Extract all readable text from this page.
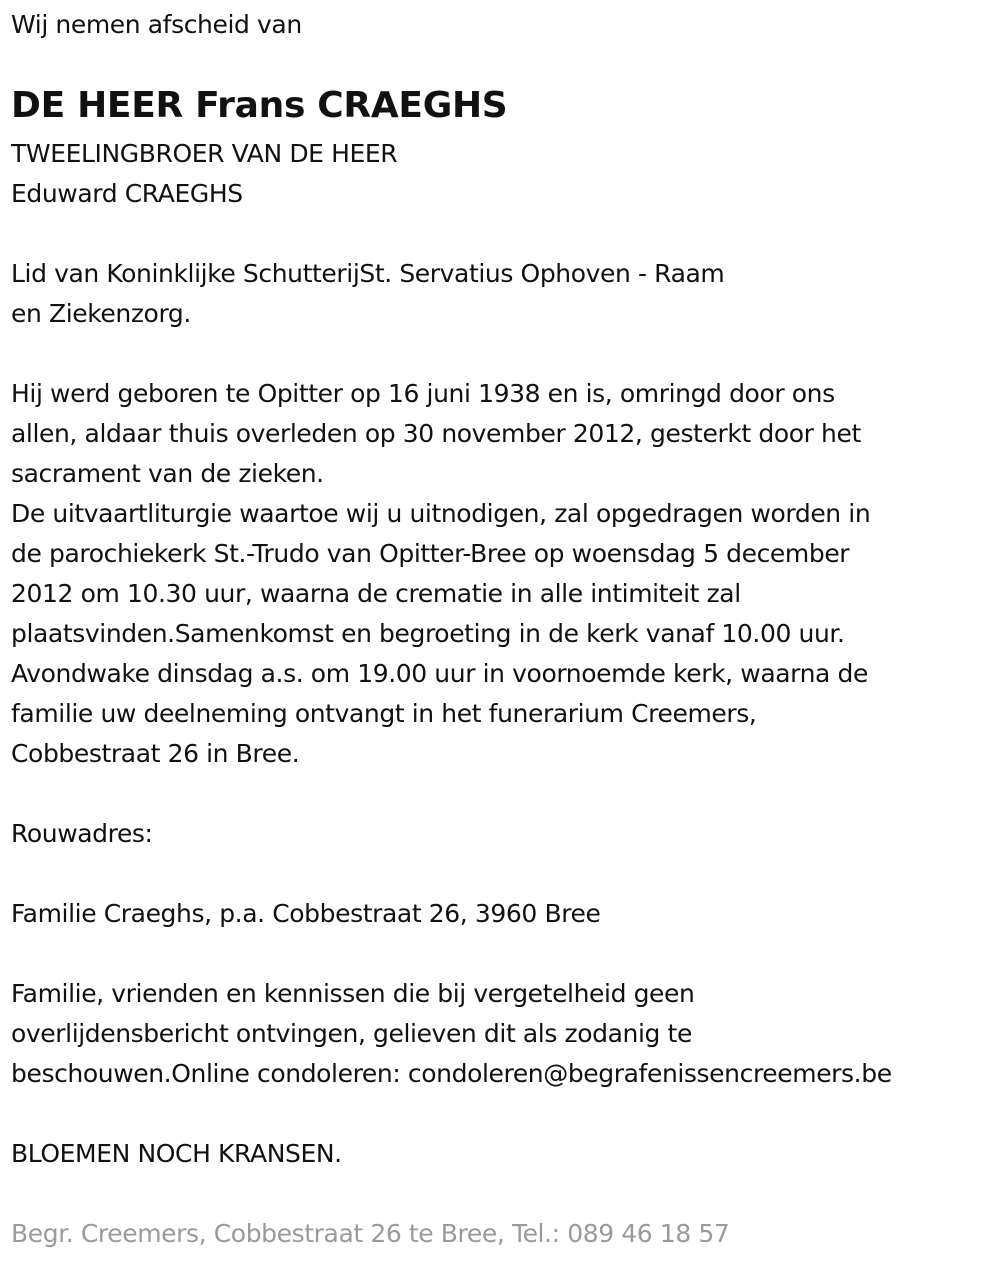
Wij nemen afscheid van
DE HEER Frans CRAEGHS
TWEELINGBROER VAN DE HEER
Eduward CRAEGHS
Lid van Koninklijke SchutterijSt. Servatius Ophoven - Raam
en Ziekenzorg.
Hij werd geboren te Opitter op 16 juni 1938 en is, omringd door ons
allen, aldaar thuis overleden op 30 november 2012, gesterkt door het
sacrament van de zieken.
De uitvaartliturgie waartoe wij u uitnodigen, zal opgedragen worden in
de parochiekerk St.-Trudo van Opitter-Bree op woensdag 5 december
2012 om 10.30 uur, waarna de crematie in alle intimiteit zal
plaatsvinden.Samenkomst en begroeting in de kerk vanaf 10.00 uur.
Avondwake dinsdag a.s. om 19.00 uur in voornoemde kerk, waarna de
familie uw deelneming ontvangt in het funerarium Creemers,
Cobbestraat 26 in Bree.
Rouwadres:
Familie Craeghs, p.a. Cobbestraat 26, 3960 Bree
Familie, vrienden en kennissen die bij vergetelheid geen
overlijdensbericht ontvingen, gelieven dit als zodanig te
beschouwen.Online condoleren: condoleren@begrafenissencreemers.be
BLOEMEN NOCH KRANSEN.
Begr. Creemers, Cobbestraat 26 te Bree, Tel.: 089 46 18 57
